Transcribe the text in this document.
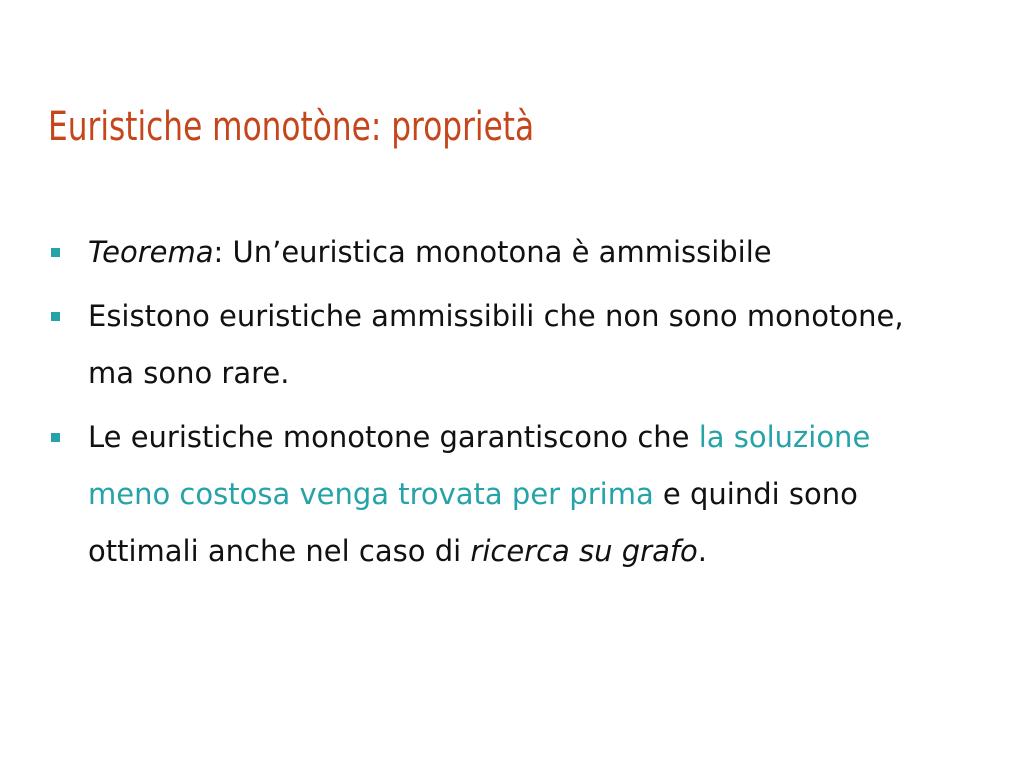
Euristiche monotòne: proprietà
Teorema: Un’euristica monotona è ammissibile
Esistono euristiche ammissibili che non sono monotone, ma sono rare.
Le euristiche monotone garantiscono che la soluzione meno costosa venga trovata per prima e quindi sono ottimali anche nel caso di ricerca su grafo.
